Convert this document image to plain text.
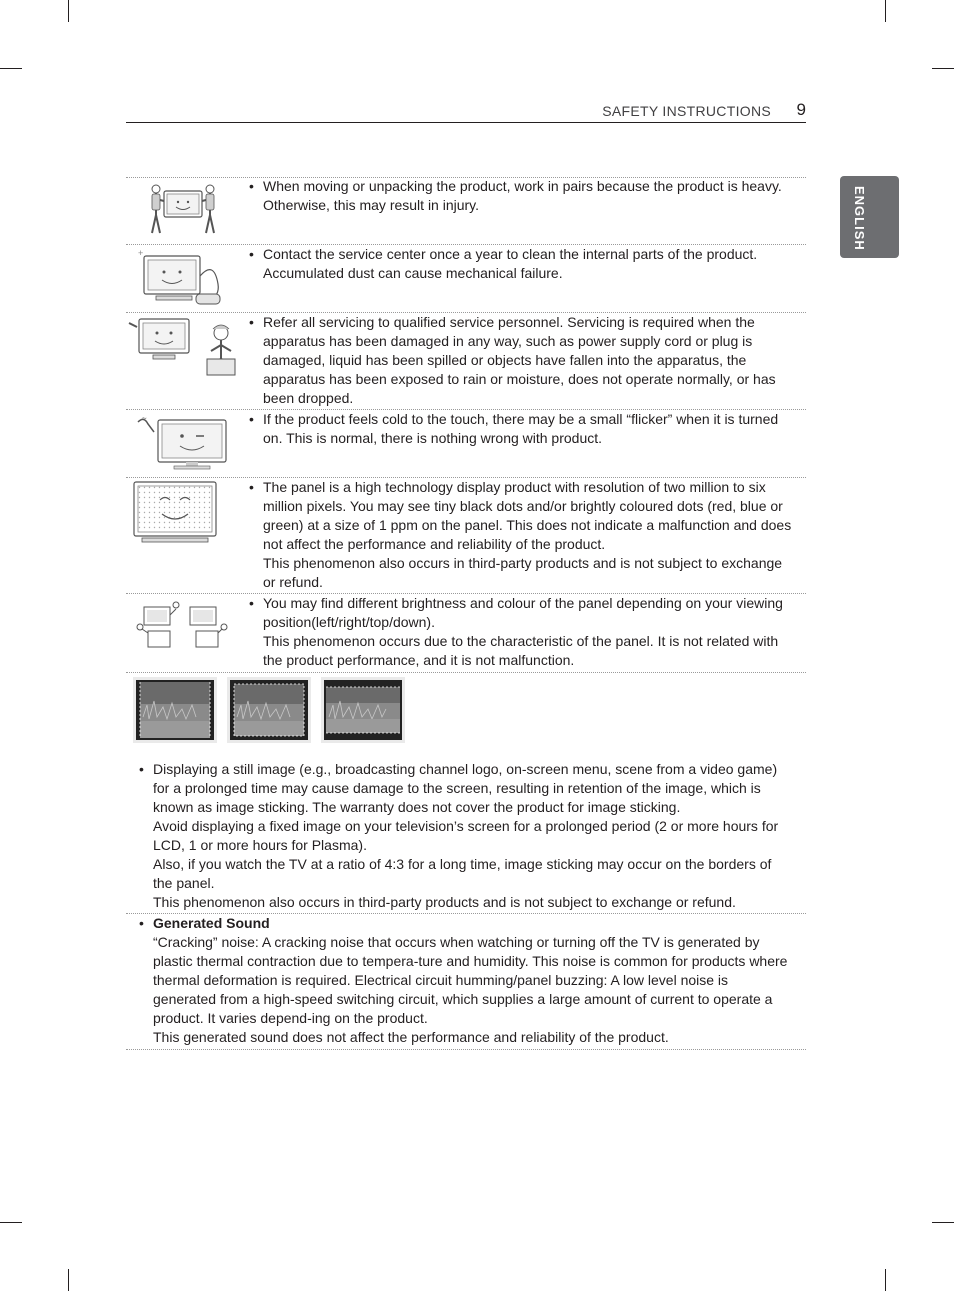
SAFETY INSTRUCTIONS 9
ENGLISH
• When moving or unpacking the product, work in pairs because the product is heavy.

Otherwise, this may result in injury.

+	• Contact the service center once a year to clean the internal parts of the product. Accumulated dust can cause mechanical failure.

• Refer all servicing to qualified service personnel. Servicing is required when the apparatus has been damaged in any way, such as power supply cord or plug is damaged, liquid has been spilled or objects have fallen into the apparatus, the apparatus has been exposed to rain or moisture, does not operate normally, or has been dropped.

~	• If the product feels cold to the touch, there may be a small “flicker” when it is turned on. This is normal, there is nothing wrong with product.

• The panel is a high technology display product with resolution of two million to six million pixels. You may see tiny black dots and/or brightly coloured dots (red, blue or green) at a size of 1 ppm on the panel. This does not indicate a malfunction and does not affect the performance and reliability of the product.

This phenomenon also occurs in third-party products and is not subject to exchange or refund.

• You may find different brightness and colour of the panel depending on your viewing position(left/right/top/down).

This phenomenon occurs due to the characteristic of the panel. It is not related with the product performance, and it is not malfunction.

• Displaying a still image (e.g., broadcasting channel logo, on-screen menu, scene from a video game) for a prolonged time may cause damage to the screen, resulting in retention of the image, which is known as image sticking. The warranty does not cover the product for image sticking.

Avoid displaying a fixed image on your television’s screen for a prolonged period (2 or more hours for LCD, 1 or more hours for Plasma).

Also, if you watch the TV at a ratio of 4:3 for a long time, image sticking may occur on the borders of the panel.

This phenomenon also occurs in third-party products and is not subject to exchange or refund.

• Generated Sound

“Cracking” noise: A cracking noise that occurs when watching or turning off the TV is generated by plastic thermal contraction due to tempera-ture and humidity. This noise is common for products where thermal deformation is required. Electrical circuit humming/panel buzzing: A low level noise is generated from a high-speed switching circuit, which supplies a large amount of current to operate a product. It varies depend-ing on the product.

This generated sound does not affect the performance and reliability of the product.
